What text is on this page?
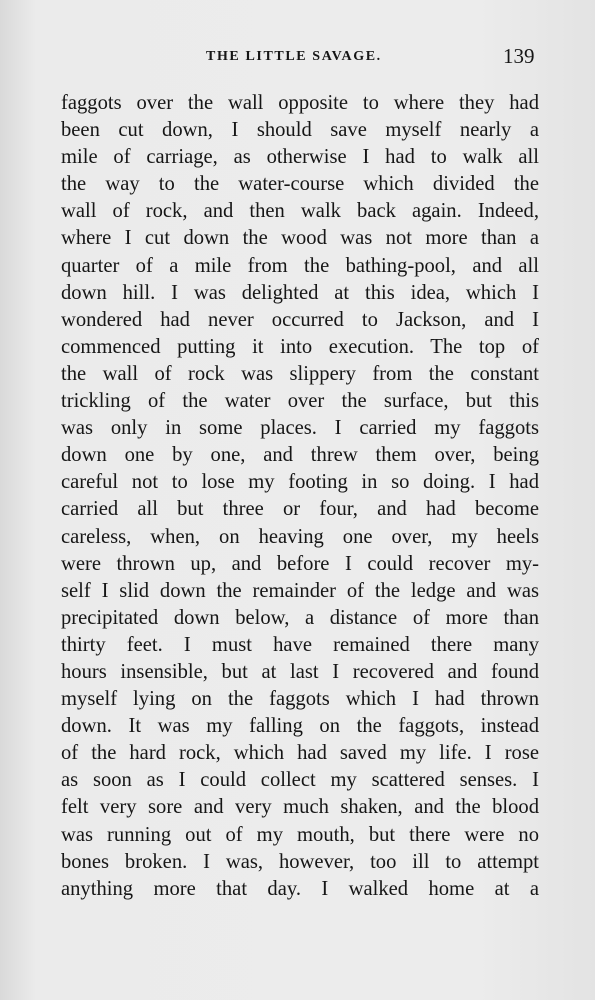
THE LITTLE SAVAGE.	139
faggots over the wall opposite to where they had
been cut down, I should save myself nearly a
mile of carriage, as otherwise I had to walk all
the way to the water-course which divided the
wall of rock, and then walk back again. Indeed,
where I cut down the wood was not more than a
quarter of a mile from the bathing-pool, and all
down hill. I was delighted at this idea, which I
wondered had never occurred to Jackson, and I
commenced putting it into execution. The top of
the wall of rock was slippery from the constant
trickling of the water over the surface, but this
was only in some places. I carried my faggots
down one by one, and threw them over, being
careful not to lose my footing in so doing. I had
carried all but three or four, and had become
careless, when, on heaving one over, my heels
were thrown up, and before I could recover my-
self I slid down the remainder of the ledge and was
precipitated down below, a distance of more than
thirty feet. I must have remained there many
hours insensible, but at last I recovered and found
myself lying on the faggots which I had thrown
down. It was my falling on the faggots, instead
of the hard rock, which had saved my life. I rose
as soon as I could collect my scattered senses. I
felt very sore and very much shaken, and the blood
was running out of my mouth, but there were no
bones broken. I was, however, too ill to attempt
anything more that day. I walked home at a
